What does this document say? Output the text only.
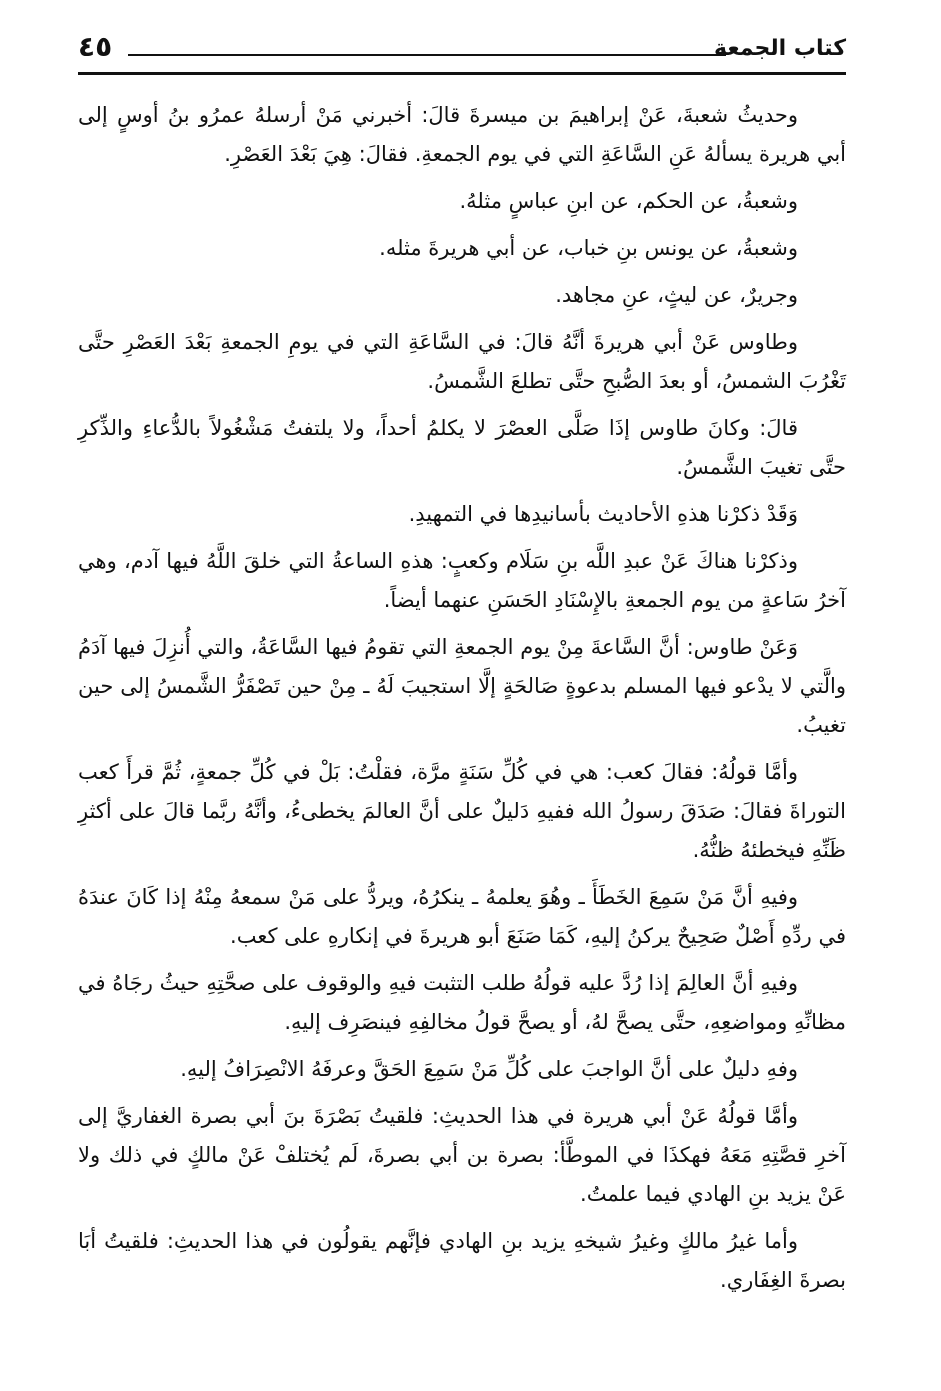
كتاب الجمعة
٤٥

وحديثُ شعبةَ، عَنْ إبراهيمَ بن ميسرةَ قالَ: أخبرني مَنْ أرسلهُ عمرُو بنُ أوسٍ إلى أبي هريرة يسألهُ عَنِ السَّاعَةِ التي في يوم الجمعةِ. فقالَ: هِيَ بَعْدَ العَصْرِ.

وشعبةُ، عن الحكم، عن ابنِ عباسٍ مثلهُ.

وشعبةُ، عن يونس بنِ خباب، عن أبي هريرةَ مثله.

وجريرٌ، عن ليثٍ، عنِ مجاهد.

وطاوس عَنْ أبي هريرةَ أنَّهُ قالَ: في السَّاعَةِ التي في يومِ الجمعةِ بَعْدَ العَصْرِ حتَّى تَغْرُبَ الشمسُ، أو بعدَ الصُّبحِ حتَّى تطلعَ الشَّمسُ.

قالَ: وكانَ طاوس إذَا صَلَّى العصْرَ لا يكلمُ أحداً، ولا يلتفتُ مَشْغُولاً بالدُّعاءِ والذِّكرِ حتَّى تغيبَ الشَّمسُ.

وَقَدْ ذكرْنا هذهِ الأحاديث بأسانيدِها في التمهيدِ.

وذكرْنا هناكَ عَنْ عبدِ اللَّه بنِ سَلَام وكعبٍ: هذهِ الساعةُ التي خلقَ اللَّهُ فيها آدم، وهي آخرُ سَاعةٍ من يوم الجمعةِ بالإِسْنَادِ الحَسَنِ عنهما أيضاً.

وَعَنْ طاوس: أنَّ السَّاعةَ مِنْ يوم الجمعةِ التي تقومُ فيها السَّاعَةُ، والتي أُنزِلَ فيها آدَمُ والَّتي لا يدْعو فيها المسلم بدعوةٍ صَالحَةٍ إلَّا استجيبَ لَهُ ـ مِنْ حين تَصْفَرُّ الشَّمسُ إلى حين تغيبُ.

وأمَّا قولُهُ: فقالَ كعب: هي في كُلِّ سَنَةٍ مرَّة، فقلْتُ: بَلْ في كُلِّ جمعةٍ، ثُمَّ قرأَ كعب التوراةَ فقالَ: صَدَقَ رسولُ الله ففيهِ دَليلٌ على أنَّ العالمَ يخطىءُ، وأنَّهُ ربَّما قالَ على أكثرِ ظَنِّهِ فيخطئهُ ظنُّهُ.

وفيهِ أنَّ مَنْ سَمِعَ الخَطَأَ ـ وهُوَ يعلمهُ ـ ينكرُهُ، ويردُّ على مَنْ سمعهُ مِنْهُ إذا كَانَ عندَهُ في ردِّهِ أَصْلٌ صَحِيحٌ يركنُ إليهِ، كَمَا صَنَعَ أبو هريرةَ في إنكارهِ على كعب.

وفيهِ أنَّ العالِمَ إذا رُدَّ عليه قولُهُ طلب التثبت فيهِ والوقوف على صحَّتِهِ حيثُ رجَاهُ في مظانِّهِ ومواضعِهِ، حتَّى يصحَّ لهُ، أو يصحَّ قولُ مخالفِهِ فينصَرِف إليهِ.

وفهِ دليلٌ على أنَّ الواجبَ على كُلِّ مَنْ سَمِعَ الحَقَّ وعرفَهُ الانْصِرَافُ إليهِ.

وأمَّا قولُهُ عَنْ أبي هريرة في هذا الحديثِ: فلقيتُ بَصْرَةَ بنَ أبي بصرة الغفاريَّ إلى آخرِ قصَّتِهِ مَعَهُ فهكذَا في الموطَّأ: بصرة بن أبي بصرةَ، لَم يُختلفْ عَنْ مالكٍ في ذلك ولا عَنْ يزيد بنِ الهادي فيما علمتُ.

وأما غيرُ مالكٍ وغيرُ شيخهِ يزيد بنِ الهادي فإنَّهم يقولُون في هذا الحديثِ: فلقيتُ أبَا بصرةَ الغِفَاري.
